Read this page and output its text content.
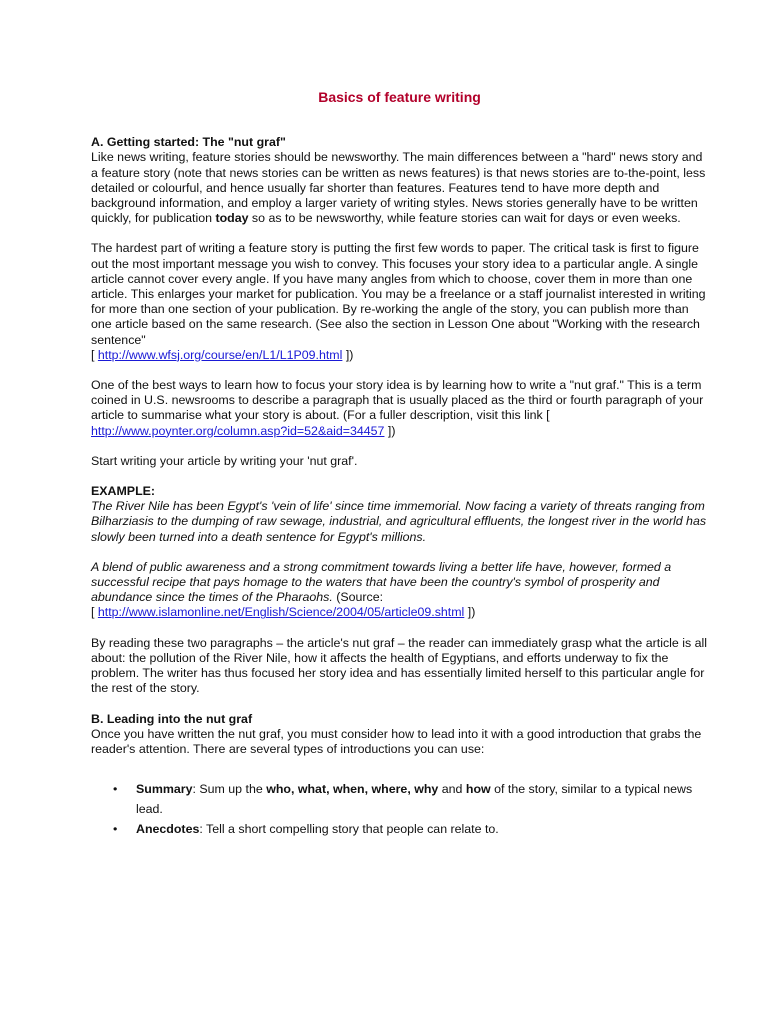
Basics of feature writing
A. Getting started: The "nut graf"

Like news writing, feature stories should be newsworthy. The main differences between a "hard" news story and a feature story (note that news stories can be written as news features) is that news stories are to-the-point, less detailed or colourful, and hence usually far shorter than features. Features tend to have more depth and background information, and employ a larger variety of writing styles. News stories generally have to be written quickly, for publication today so as to be newsworthy, while feature stories can wait for days or even weeks.

The hardest part of writing a feature story is putting the first few words to paper. The critical task is first to figure out the most important message you wish to convey. This focuses your story idea to a particular angle. A single article cannot cover every angle. If you have many angles from which to choose, cover them in more than one article. This enlarges your market for publication. You may be a freelance or a staff journalist interested in writing for more than one section of your publication. By re-working the angle of the story, you can publish more than one article based on the same research. (See also the section in Lesson One about "Working with the research sentence"
[ http://www.wfsj.org/course/en/L1/L1P09.html ])

One of the best ways to learn how to focus your story idea is by learning how to write a "nut graf." This is a term coined in U.S. newsrooms to describe a paragraph that is usually placed as the third or fourth paragraph of your article to summarise what your story is about. (For a fuller description, visit this link [ http://www.poynter.org/column.asp?id=52&aid=34457 ])

Start writing your article by writing your 'nut graf'.

EXAMPLE:

The River Nile has been Egypt's 'vein of life' since time immemorial. Now facing a variety of threats ranging from Bilharziasis to the dumping of raw sewage, industrial, and agricultural effluents, the longest river in the world has slowly been turned into a death sentence for Egypt's millions.

A blend of public awareness and a strong commitment towards living a better life have, however, formed a successful recipe that pays homage to the waters that have been the country's symbol of prosperity and abundance since the times of the Pharaohs. (Source:
[ http://www.islamonline.net/English/Science/2004/05/article09.shtml ])

By reading these two paragraphs – the article's nut graf – the reader can immediately grasp what the article is all about: the pollution of the River Nile, how it affects the health of Egyptians, and efforts underway to fix the problem. The writer has thus focused her story idea and has essentially limited herself to this particular angle for the rest of the story.

B. Leading into the nut graf
Once you have written the nut graf, you must consider how to lead into it with a good introduction that grabs the reader's attention. There are several types of introductions you can use:
• Summary: Sum up the who, what, when, where, why and how of the story, similar to a typical news lead.
• Anecdotes: Tell a short compelling story that people can relate to.
